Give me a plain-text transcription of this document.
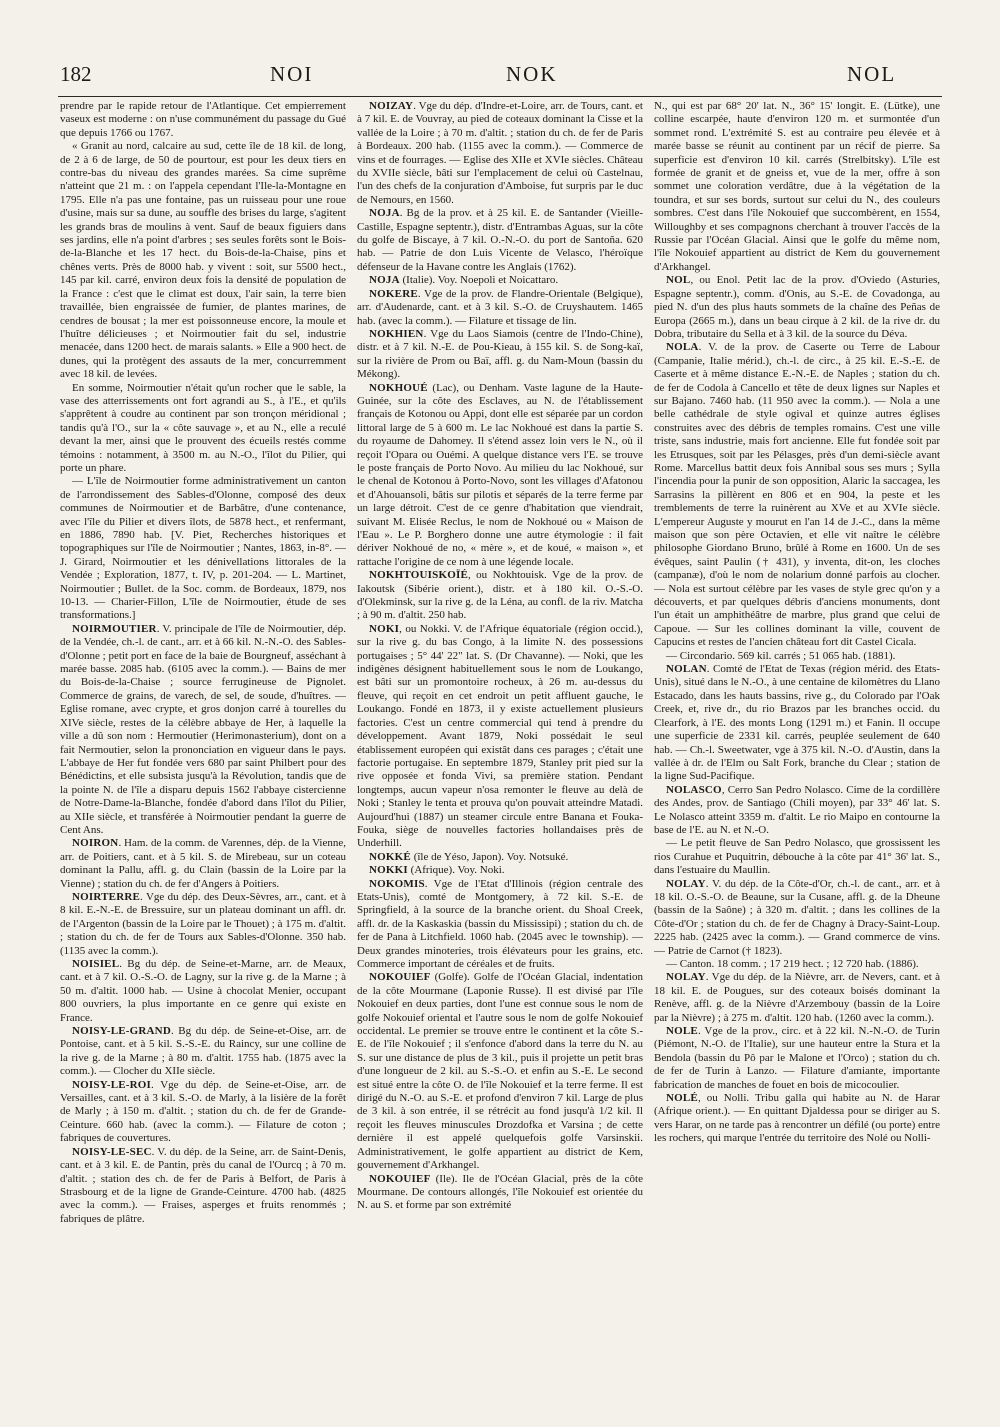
182	NOI	NOK	NOL

prendre par le rapide retour de l'Atlantique. Cet empierrement vaseux est moderne : on n'use communément du passage du Gué que depuis 1766 ou 1767.

« Granit au nord, calcaire au sud, cette île de 18 kil. de long, de 2 à 6 de large, de 50 de pourtour, est pour les deux tiers en contre-bas du niveau des grandes marées. Sa cime suprême n'atteint que 21 m. : on l'appela cependant l'Ile-la-Montagne en 1795. Elle n'a pas une fontaine, pas un ruisseau pour une roue d'usine, mais sur sa dune, au souffle des brises du large, s'agitent les grands bras de moulins à vent. Sauf de beaux figuiers dans ses jardins, elle n'a point d'arbres ; ses seules forêts sont le Bois-de-la-Blanche et les 17 hect. du Bois-de-la-Chaise, pins et chênes verts. Près de 8000 hab. y vivent : soit, sur 5500 hect., 145 par kil. carré, environ deux fois la densité de population de la France : c'est que le climat est doux, l'air sain, la terre bien travaillée, bien engraissée de fumier, de plantes marines, de cendres de bousat ; la mer est poissonneuse encore, la moule et l'huître délicieuses ; et Noirmoutier fait du sel, industrie menacée, dans 1200 hect. de marais salants. » Elle a 900 hect. de dunes, qui la protègent des assauts de la mer, concurremment avec 18 kil. de levées.

En somme, Noirmoutier n'était qu'un rocher que le sable, la vase des atterrissements ont fort agrandi au S., à l'E., et qu'ils s'apprêtent à coudre au continent par son tronçon méridional ; tandis qu'à l'O., sur la « côte sauvage », et au N., elle a reculé devant la mer, ainsi que le prouvent des écueils restés comme témoins : notamment, à 3500 m. au N.-O., l'îlot du Pilier, qui porte un phare.

— L'île de Noirmoutier forme administrativement un canton de l'arrondissement des Sables-d'Olonne, composé des deux communes de Noirmoutier et de Barbâtre, d'une contenance, avec l'île du Pilier et divers îlots, de 5878 hect., et renfermant, en 1886, 7890 hab. [V. Piet, Recherches historiques et topographiques sur l'île de Noirmoutier ; Nantes, 1863, in-8°. — J. Girard, Noirmoutier et les dénivellations littorales de la Vendée ; Exploration, 1877, t. IV, p. 201-204. — L. Martinet, Noirmoutier ; Bullet. de la Soc. comm. de Bordeaux, 1879, nos 10-13. — Charier-Fillon, L'île de Noirmoutier, étude de ses transformations.]

NOIRMOUTIER. V. principale de l'île de Noirmoutier, dép. de la Vendée, ch.-l. de cant., arr. et à 66 kil. N.-N.-O. des Sables-d'Olonne ; petit port en face de la baie de Bourgneuf, asséchant à marée basse. 2085 hab. (6105 avec la comm.). — Bains de mer du Bois-de-la-Chaise ; source ferrugineuse de Pignolet. Commerce de grains, de varech, de sel, de soude, d'huîtres. — Eglise romane, avec crypte, et gros donjon carré à tourelles du XIVe siècle, restes de la célèbre abbaye de Her, à laquelle la ville a dû son nom : Hermoutier (Herimonasterium), dont on a fait Nermoutier, selon la prononciation en vigueur dans le pays. L'abbaye de Her fut fondée vers 680 par saint Philbert pour des Bénédictins, et elle subsista jusqu'à la Révolution, tandis que de la pointe N. de l'île a disparu depuis 1562 l'abbaye cistercienne de Notre-Dame-la-Blanche, fondée d'abord dans l'îlot du Pilier, au XIIe siècle, et transférée à Noirmoutier pendant la guerre de Cent Ans.

NOIRON. Ham. de la comm. de Varennes, dép. de la Vienne, arr. de Poitiers, cant. et à 5 kil. S. de Mirebeau, sur un coteau dominant la Pallu, affl. g. du Clain (bassin de la Loire par la Vienne) ; station du ch. de fer d'Angers à Poitiers.

NOIRTERRE. Vge du dép. des Deux-Sèvres, arr., cant. et à 8 kil. E.-N.-E. de Bressuire, sur un plateau dominant un affl. dr. de l'Argenton (bassin de la Loire par le Thouet) ; à 175 m. d'altit. ; station du ch. de fer de Tours aux Sables-d'Olonne. 350 hab. (1135 avec la comm.).

NOISIEL. Bg du dép. de Seine-et-Marne, arr. de Meaux, cant. et à 7 kil. O.-S.-O. de Lagny, sur la rive g. de la Marne ; à 50 m. d'altit. 1000 hab. — Usine à chocolat Menier, occupant 800 ouvriers, la plus importante en ce genre qui existe en France.

NOISY-LE-GRAND. Bg du dép. de Seine-et-Oise, arr. de Pontoise, cant. et à 5 kil. S.-S.-E. du Raincy, sur une colline de la rive g. de la Marne ; à 80 m. d'altit. 1755 hab. (1875 avec la comm.). — Clocher du XIIe siècle.

NOISY-LE-ROI. Vge du dép. de Seine-et-Oise, arr. de Versailles, cant. et à 3 kil. S.-O. de Marly, à la lisière de la forêt de Marly ; à 150 m. d'altit. ; station du ch. de fer de Grande-Ceinture. 660 hab. (avec la comm.). — Filature de coton ; fabriques de couvertures.

NOISY-LE-SEC. V. du dép. de la Seine, arr. de Saint-Denis, cant. et à 3 kil. E. de Pantin, près du canal de l'Ourcq ; à 70 m. d'altit. ; station des ch. de fer de Paris à Belfort, de Paris à Strasbourg et de la ligne de Grande-Ceinture. 4700 hab. (4825 avec la comm.). — Fraises, asperges et fruits renommés ; fabriques de plâtre.

NOIZAY. Vge du dép. d'Indre-et-Loire, arr. de Tours, cant. et à 7 kil. E. de Vouvray, au pied de coteaux dominant la Cisse et la vallée de la Loire ; à 70 m. d'altit. ; station du ch. de fer de Paris à Bordeaux. 200 hab. (1155 avec la comm.). — Commerce de vins et de fourrages. — Eglise des XIIe et XVIe siècles. Château du XVIIe siècle, bâti sur l'emplacement de celui où Castelnau, l'un des chefs de la conjuration d'Amboise, fut surpris par le duc de Nemours, en 1560.

NOJA. Bg de la prov. et à 25 kil. E. de Santander (Vieille-Castille, Espagne septentr.), distr. d'Entrambas Aguas, sur la côte du golfe de Biscaye, à 7 kil. O.-N.-O. du port de Santoña. 620 hab. — Patrie de don Luis Vicente de Velasco, l'héroïque défenseur de la Havane contre les Anglais (1762).

NOJA (Italie). Voy. Noepoli et Noicattaro.

NOKERE. Vge de la prov. de Flandre-Orientale (Belgique), arr. d'Audenarde, cant. et à 3 kil. S.-O. de Cruyshautem. 1465 hab. (avec la comm.). — Filature et tissage de lin.

NOKHIEN. Vge du Laos Siamois (centre de l'Indo-Chine), distr. et à 7 kil. N.-E. de Pou-Kieau, à 155 kil. S. de Song-kaï, sur la rivière de Prom ou Baï, affl. g. du Nam-Moun (bassin du Mékong).

NOKHOUÉ (Lac), ou Denham. Vaste lagune de la Haute-Guinée, sur la côte des Esclaves, au N. de l'établissement français de Kotonou ou Appi, dont elle est séparée par un cordon littoral large de 5 à 600 m. Le lac Nokhoué est dans la partie S. du royaume de Dahomey. Il s'étend assez loin vers le N., où il reçoit l'Opara ou Ouémi. A quelque distance vers l'E. se trouve le poste français de Porto Novo. Au milieu du lac Nokhoué, sur le chenal de Kotonou à Porto-Novo, sont les villages d'Afatonou et d'Ahouansoli, bâtis sur pilotis et séparés de la terre ferme par un large détroit. C'est de ce genre d'habitation que viendrait, suivant M. Elisée Reclus, le nom de Nokhoué ou « Maison de l'Eau ». Le P. Borghero donne une autre étymologie : il fait dériver Nokhoué de no, « mère », et de koué, « maison », et rattache l'origine de ce nom à une légende locale.

NOKHTOUISKOÏÉ, ou Nokhtouisk. Vge de la prov. de Iakoutsk (Sibérie orient.), distr. et à 180 kil. O.-S.-O. d'Olekminsk, sur la rive g. de la Léna, au confl. de la riv. Matcha ; à 90 m. d'altit. 250 hab.

NOKI, ou Nokki. V. de l'Afrique équatoriale (région occid.), sur la rive g. du bas Congo, à la limite N. des possessions portugaises ; 5° 44' 22" lat. S. (Dr Chavanne). — Noki, que les indigènes désignent habituellement sous le nom de Loukango, est bâti sur un promontoire rocheux, à 26 m. au-dessus du fleuve, qui reçoit en cet endroit un petit affluent gauche, le Loukango. Fondé en 1873, il y existe actuellement plusieurs factories. C'est un centre commercial qui tend à prendre du développement. Avant 1879, Noki possédait le seul établissement européen qui existât dans ces parages ; c'était une factorie portugaise. En septembre 1879, Stanley prit pied sur la rive opposée et fonda Vivi, sa première station. Pendant longtemps, aucun vapeur n'osa remonter le fleuve au delà de Noki ; Stanley le tenta et prouva qu'on pouvait atteindre Matadi. Aujourd'hui (1887) un steamer circule entre Banana et Fouka-Fouka, siège de nouvelles factories hollandaises près de Underhill.

NOKKÉ (île de Yéso, Japon). Voy. Notsuké.

NOKKI (Afrique). Voy. Noki.

NOKOMIS. Vge de l'Etat d'Illinois (région centrale des Etats-Unis), comté de Montgomery, à 72 kil. S.-E. de Springfield, à la source de la branche orient. du Shoal Creek, affl. dr. de la Kaskaskia (bassin du Mississipi) ; station du ch. de fer de Pana à Litchfield. 1060 hab. (2045 avec le township). — Deux grandes minoteries, trois élévateurs pour les grains, etc. Commerce important de céréales et de fruits.

NOKOUIEF (Golfe). Golfe de l'Océan Glacial, indentation de la côte Mourmane (Laponie Russe). Il est divisé par l'île Nokouief en deux parties, dont l'une est connue sous le nom de golfe Nokouief oriental et l'autre sous le nom de golfe Nokouief occidental. Le premier se trouve entre le continent et la côte S.-E. de l'île Nokouief ; il s'enfonce d'abord dans la terre du N. au S. sur une distance de plus de 3 kil., puis il projette un petit bras d'une longueur de 2 kil. au S.-S.-O. et enfin au S.-E. Le second est situé entre la côte O. de l'île Nokouief et la terre ferme. Il est dirigé du N.-O. au S.-E. et profond d'environ 7 kil. Large de plus de 3 kil. à son entrée, il se rétrécit au fond jusqu'à 1/2 kil. Il reçoit les fleuves minuscules Drozdofka et Varsina ; de cette dernière il est appelé quelquefois golfe Varsinskii. Administrativement, le golfe appartient au district de Kem, gouvernement d'Arkhangel.

NOKOUIEF (Ile). Ile de l'Océan Glacial, près de la côte Mourmane. De contours allongés, l'île Nokouief est orientée du N. au S. et forme par son extrémité

N., qui est par 68° 20' lat. N., 36° 15' longit. E. (Lütke), une colline escarpée, haute d'environ 120 m. et surmontée d'un sommet rond. L'extrémité S. est au contraire peu élevée et à marée basse se réunit au continent par un récif de pierre. Sa superficie est d'environ 10 kil. carrés (Strelbitsky). L'île est formée de granit et de gneiss et, vue de la mer, offre à son sommet une coloration verdâtre, due à la végétation de la toundra, et sur ses bords, surtout sur celui du N., des couleurs sombres. C'est dans l'île Nokouief que succombèrent, en 1554, Willoughby et ses compagnons cherchant à trouver l'accès de la Russie par l'Océan Glacial. Ainsi que le golfe du même nom, l'île Nokouief appartient au district de Kem du gouvernement d'Arkhangel.

NOL, ou Enol. Petit lac de la prov. d'Oviedo (Asturies, Espagne septentr.), comm. d'Onis, au S.-E. de Covadonga, au pied N. d'un des plus hauts sommets de la chaîne des Peñas de Europa (2665 m.), dans un beau cirque à 2 kil. de la rive dr. du Dobra, tributaire du Sella et à 3 kil. de la source du Déva.

NOLA. V. de la prov. de Caserte ou Terre de Labour (Campanie, Italie mérid.), ch.-l. de circ., à 25 kil. E.-S.-E. de Caserte et à même distance E.-N.-E. de Naples ; station du ch. de fer de Codola à Cancello et tête de deux lignes sur Naples et sur Bajano. 7460 hab. (11 950 avec la comm.). — Nola a une belle cathédrale de style ogival et quinze autres églises construites avec des débris de temples romains. C'est une ville triste, sans industrie, mais fort ancienne. Elle fut fondée soit par les Etrusques, soit par les Pélasges, près d'un demi-siècle avant Rome. Marcellus battit deux fois Annibal sous ses murs ; Sylla l'incendia pour la punir de son opposition, Alaric la saccagea, les Sarrasins la pillèrent en 806 et en 904, la peste et les tremblements de terre la ruinèrent au XVe et au XVIe siècle. L'empereur Auguste y mourut en l'an 14 de J.-C., dans la même maison que son père Octavien, et elle vit naître le célèbre philosophe Giordano Bruno, brûlé à Rome en 1600. Un de ses évêques, saint Paulin († 431), y inventa, dit-on, les cloches (campanæ), d'où le nom de nolarium donné parfois au clocher. — Nola est surtout célèbre par les vases de style grec qu'on y a découverts, et par quelques débris d'anciens monuments, dont l'un était un amphithéâtre de marbre, plus grand que celui de Capoue. — Sur les collines dominant la ville, couvent de Capucins et restes de l'ancien château fort dit Castel Cicala.

— Circondario. 569 kil. carrés ; 51 065 hab. (1881).

NOLAN. Comté de l'Etat de Texas (région mérid. des Etats-Unis), situé dans le N.-O., à une centaine de kilomètres du Llano Estacado, dans les hauts bassins, rive g., du Colorado par l'Oak Creek, et, rive dr., du rio Brazos par les branches occid. du Clearfork, à l'E. des monts Long (1291 m.) et Fanin. Il occupe une superficie de 2331 kil. carrés, peuplée seulement de 640 hab. — Ch.-l. Sweetwater, vge à 375 kil. N.-O. d'Austin, dans la vallée à dr. de l'Elm ou Salt Fork, branche du Clear ; station de la ligne Sud-Pacifique.

NOLASCO, Cerro San Pedro Nolasco. Cime de la cordillère des Andes, prov. de Santiago (Chili moyen), par 33° 46' lat. S. Le Nolasco atteint 3359 m. d'altit. Le rio Maipo en contourne la base de l'E. au N. et N.-O.

— Le petit fleuve de San Pedro Nolasco, que grossissent les rios Curahue et Puquitrin, débouche à la côte par 41° 36' lat. S., dans l'estuaire du Maullin.

NOLAY. V. du dép. de la Côte-d'Or, ch.-l. de cant., arr. et à 18 kil. O.-S.-O. de Beaune, sur la Cusane, affl. g. de la Dheune (bassin de la Saône) ; à 320 m. d'altit. ; dans les collines de la Côte-d'Or ; station du ch. de fer de Chagny à Dracy-Saint-Loup. 2225 hab. (2425 avec la comm.). — Grand commerce de vins. — Patrie de Carnot († 1823).

— Canton. 18 comm. ; 17 219 hect. ; 12 720 hab. (1886).

NOLAY. Vge du dép. de la Nièvre, arr. de Nevers, cant. et à 18 kil. E. de Pougues, sur des coteaux boisés dominant la Renève, affl. g. de la Nièvre d'Arzembouy (bassin de la Loire par la Nièvre) ; à 275 m. d'altit. 120 hab. (1260 avec la comm.).

NOLE. Vge de la prov., circ. et à 22 kil. N.-N.-O. de Turin (Piémont, N.-O. de l'Italie), sur une hauteur entre la Stura et la Bendola (bassin du Pô par le Malone et l'Orco) ; station du ch. de fer de Turin à Lanzo. — Filature d'amiante, importante fabrication de manches de fouet en bois de micocoulier.

NOLÉ, ou Nolli. Tribu galla qui habite au N. de Harar (Afrique orient.). — En quittant Djaldessa pour se diriger au S. vers Harar, on ne tarde pas à rencontrer un défilé (ou porte) entre les rochers, qui marque l'entrée du territoire des Nolé ou Nolli-
